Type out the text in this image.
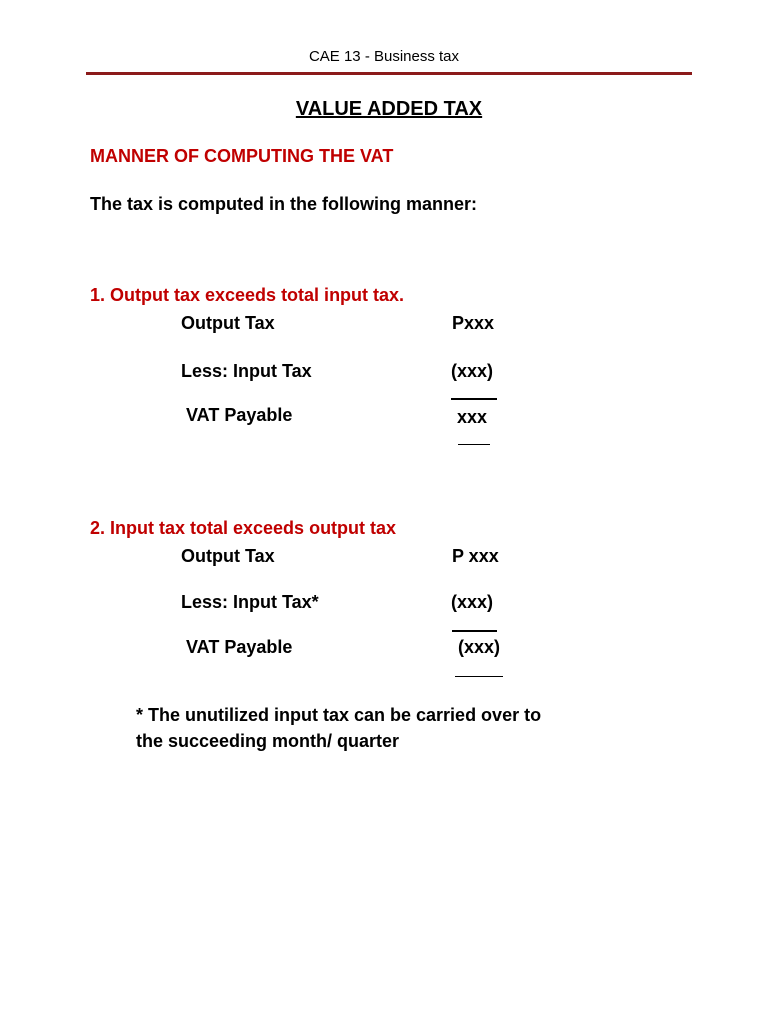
CAE 13 - Business tax
VALUE ADDED TAX
MANNER OF COMPUTING THE VAT
The tax is computed in the following manner:
1. Output tax exceeds total input tax.
Output Tax	Pxxx
Less: Input Tax	(xxx)
VAT Payable	xxx
2. Input tax total exceeds output tax
Output Tax	P xxx
Less: Input Tax*	(xxx)
VAT Payable	(xxx)
* The unutilized input tax can be carried over to
the succeeding month/ quarter
